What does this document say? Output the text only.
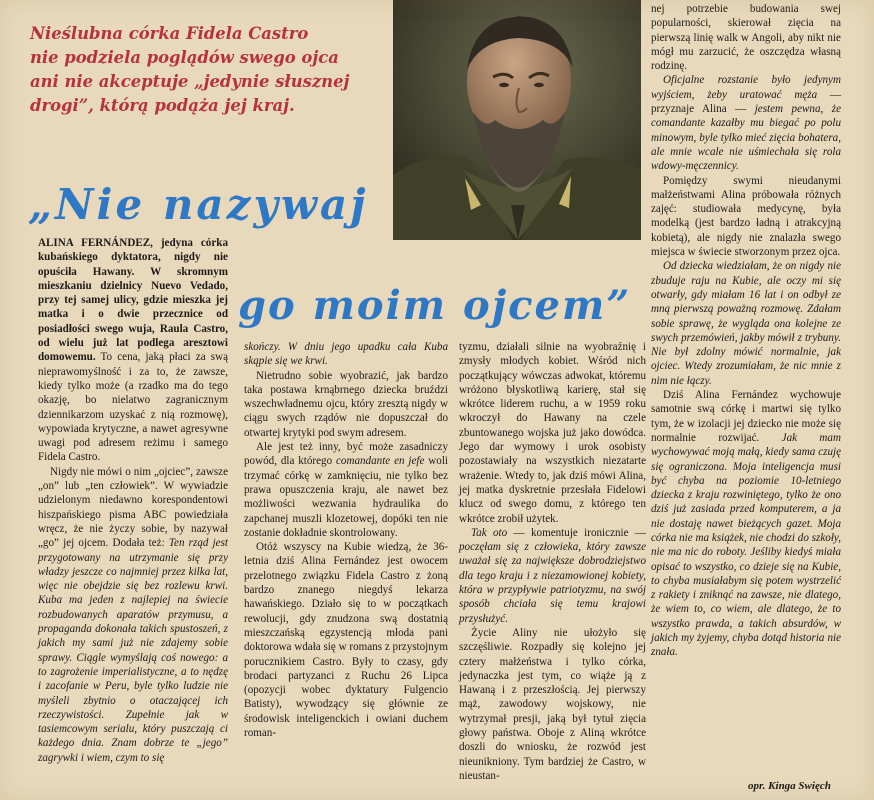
Nieślubna córka Fidela Castro
nie podziela poglądów swego ojca
ani nie akceptuje „jedynie słusznej
drogi”, którą podąża jej kraj.
„Nie nazywaj
go moim ojcem”

ALINA FERNÁNDEZ, jedyna córka kubańskiego dyktatora, nigdy nie opuściła Hawany. W skromnym mieszkaniu dzielnicy Nuevo Vedado, przy tej samej ulicy, gdzie mieszka jej matka i o dwie przecznice od posiadłości swego wuja, Raula Castro, od wielu już lat podlega aresztowi domowemu. To cena, jaką płaci za swą nieprawomyślność i za to, że zawsze, kiedy tylko może (a rzadko ma do tego okazję, bo nielatwo zagranicznym dziennikarzom uzyskać z nią rozmowę), wypowiada krytyczne, a nawet agresywne uwagi pod adresem reżimu i samego Fidela Castro.

Nigdy nie mówi o nim „ojciec”, zawsze „on” lub „ten człowiek”. W wywiadzie udzielonym niedawno korespondentowi hiszpańskiego pisma ABC powiedziała wręcz, że nie życzy sobie, by nazywał „go” jej ojcem. Dodała też: Ten rząd jest przygotowany na utrzymanie się przy władzy jeszcze co najmniej przez kilka lat, więc nie obejdzie się bez rozlewu krwi. Kuba ma jeden z najlepiej na świecie rozbudowanych aparatów przymusu, a propaganda dokonała takich spustoszeń, z jakich my sami już nie zdajemy sobie sprawy. Ciągle wymyślają coś nowego: a to zagrożenie imperialistyczne, a to nędzę i zacofanie w Peru, byle tylko ludzie nie myśleli zbytnio o otaczającej ich rzeczywistości. Zupełnie jak w tasiemcowym serialu, który puszczają ci każdego dnia. Znam dobrze te „jego” zagrywki i wiem, czym to się

skończy. W dniu jego upadku cała Kuba skąpie się we krwi.

Nietrudno sobie wyobrazić, jak bardzo taka postawa krnąbrnego dziecka bruździ wszechwładnemu ojcu, który zresztą nigdy w ciągu swych rządów nie dopuszczał do otwartej krytyki pod swym adresem.

Ale jest też inny, być może zasadniczy powód, dla którego comandante en jefe woli trzymać córkę w zamknięciu, nie tylko bez prawa opuszczenia kraju, ale nawet bez możliwości wezwania hydraulika do zapchanej muszli klozetowej, dopóki ten nie zostanie dokładnie skontrolowany.

Otóż wszyscy na Kubie wiedzą, że 36-letnia dziś Alina Fernández jest owocem przelotnego związku Fidela Castro z żoną bardzo znanego niegdyś lekarza hawańskiego. Działo się to w początkach rewolucji, gdy znudzona swą dostatnią mieszczańską egzystencją młoda pani doktorowa wdała się w romans z przystojnym porucznikiem Castro. Były to czasy, gdy brodaci partyzanci z Ruchu 26 Lipca (opozycji wobec dyktatury Fulgencio Batisty), wywodzący się głównie ze środowisk inteligenckich i owiani duchem roman-

tyzmu, działali silnie na wyobraźnię i zmysły młodych kobiet. Wśród nich początkujący wówczas adwokat, któremu wróżono błyskotliwą karierę, stał się wkrótce liderem ruchu, a w 1959 roku wkroczył do Hawany na czele zbuntowanego wojska już jako dowódca. Jego dar wymowy i urok osobisty pozostawiały na wszystkich niezatarte wrażenie. Wtedy to, jak dziś mówi Alina, jej matka dyskretnie przesłała Fidelowi klucz od swego domu, z którego ten wkrótce zrobił użytek.

Tak oto — komentuje ironicznie — poczęłam się z człowieka, który zawsze uważał się za największe dobrodziejstwo dla tego kraju i z niezamowionej kobiety, która w przypływie patriotyzmu, na swój sposób chciała się temu krajowi przysłużyć.

Życie Aliny nie ułożyło się szczęśliwie. Rozpadły się kolejno jej cztery małżeństwa i tylko córka, jedynaczka jest tym, co wiąże ją z Hawaną i z przeszłością. Jej pierwszy mąż, zawodowy wojskowy, nie wytrzymał presji, jaką był tytuł zięcia głowy państwa. Oboje z Aliną wkrótce doszli do wniosku, że rozwód jest nieunikniony. Tym bardziej że Castro, w nieustan-

nej potrzebie budowania swej popularności, skierował zięcia na pierwszą linię walk w Angoli, aby nikt nie mógł mu zarzucić, że oszczędza własną rodzinę.

Oficjalne rozstanie było jedynym wyjściem, żeby uratować męża — przyznaje Alina — jestem pewna, że comandante kazałby mu biegać po polu minowym, byle tylko mieć zięcia bohatera, ale mnie wcale nie uśmiechała się rola wdowy-męczennicy.

Pomiędzy swymi nieudanymi małżeństwami Alina próbowała różnych zajęć: studiowała medycynę, była modelką (jest bardzo ładną i atrakcyjną kobietą), ale nigdy nie znalazła swego miejsca w świecie stworzonym przez ojca.

Od dziecka wiedziałam, że on nigdy nie zbuduje raju na Kubie, ale oczy mi się otwarły, gdy miałam 16 lat i on odbył ze mną pierwszą poważną rozmowę. Zdałam sobie sprawę, że wygląda ona kolejne ze swych przemówień, jakby mówił z trybuny. Nie był zdolny mówić normalnie, jak ojciec. Wtedy zrozumiałam, że nic mnie z nim nie łączy.

Dziś Alina Fernández wychowuje samotnie swą córkę i martwi się tylko tym, że w izolacji jej dziecko nie może się normalnie rozwijać. Jak mam wychowywać moją małą, kiedy sama czuję się ograniczona. Moja inteligencja musi być chyba na poziomie 10-letniego dziecka z kraju rozwiniętego, tylko że ono dziś już zasiada przed komputerem, a ja nie dostaję nawet bieżących gazet. Moja córka nie ma książek, nie chodzi do szkoły, nie ma nic do roboty. Jeśliby kiedyś miała opisać to wszystko, co dzieje się na Kubie, to chyba musiałabym się potem wystrzelić z rakiety i zniknąć na zawsze, nie dlatego, że wiem to, co wiem, ale dlatego, że to wszystko prawda, a takich absurdów, w jakich my żyjemy, chyba dotąd historia nie znała.

opr. Kinga Swięch
